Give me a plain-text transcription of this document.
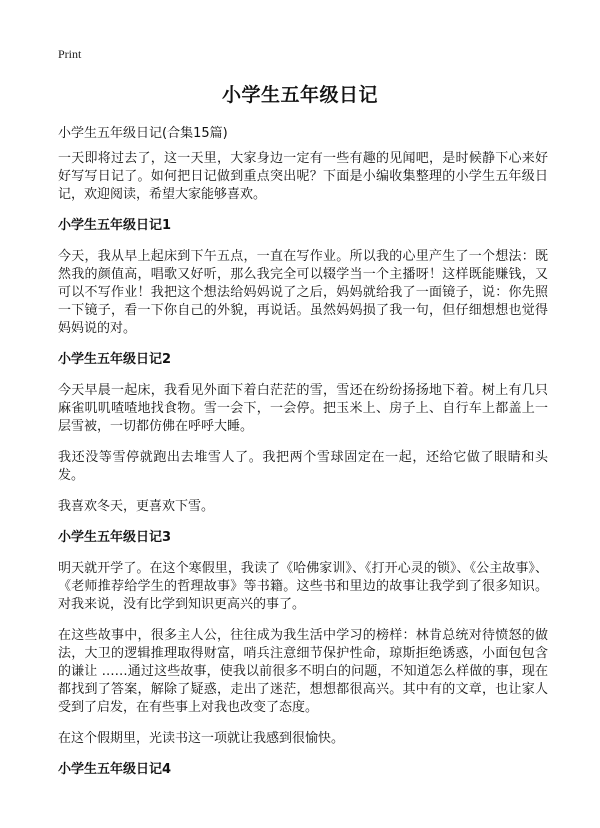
Print
小学生五年级日记

小学生五年级日记(合集15篇)

一天即将过去了，这一天里，大家身边一定有一些有趣的见闻吧，是时候静下心来好好写写日记了。如何把日记做到重点突出呢？下面是小编收集整理的小学生五年级日记，欢迎阅读，希望大家能够喜欢。

小学生五年级日记1

今天，我从早上起床到下午五点，一直在写作业。所以我的心里产生了一个想法：既然我的颜值高，唱歌又好听，那么我完全可以辍学当一个主播呀！这样既能赚钱，又可以不写作业！我把这个想法给妈妈说了之后，妈妈就给我了一面镜子，说：你先照一下镜子，看一下你自己的外貌，再说话。虽然妈妈损了我一句，但仔细想想也觉得妈妈说的对。

小学生五年级日记2

今天早晨一起床，我看见外面下着白茫茫的雪，雪还在纷纷扬扬地下着。树上有几只麻雀叽叽喳喳地找食物。雪一会下，一会停。把玉米上、房子上、自行车上都盖上一层雪被，一切都仿佛在呼呼大睡。

我还没等雪停就跑出去堆雪人了。我把两个雪球固定在一起，还给它做了眼睛和头发。

我喜欢冬天，更喜欢下雪。

小学生五年级日记3

明天就开学了。在这个寒假里，我读了《哈佛家训》、《打开心灵的锁》、《公主故事》、《老师推荐给学生的哲理故事》等书籍。这些书和里边的故事让我学到了很多知识。对我来说，没有比学到知识更高兴的事了。

在这些故事中，很多主人公，往往成为我生活中学习的榜样：林肯总统对待愤怒的做法，大卫的逻辑推理取得财富，哨兵注意细节保护性命，琼斯拒绝诱惑，小面包包含的谦让 ……通过这些故事，使我以前很多不明白的问题，不知道怎么样做的事，现在都找到了答案，解除了疑惑，走出了迷茫，想想都很高兴。其中有的文章，也让家人受到了启发，在有些事上对我也改变了态度。

在这个假期里，光读书这一项就让我感到很愉快。

小学生五年级日记4
